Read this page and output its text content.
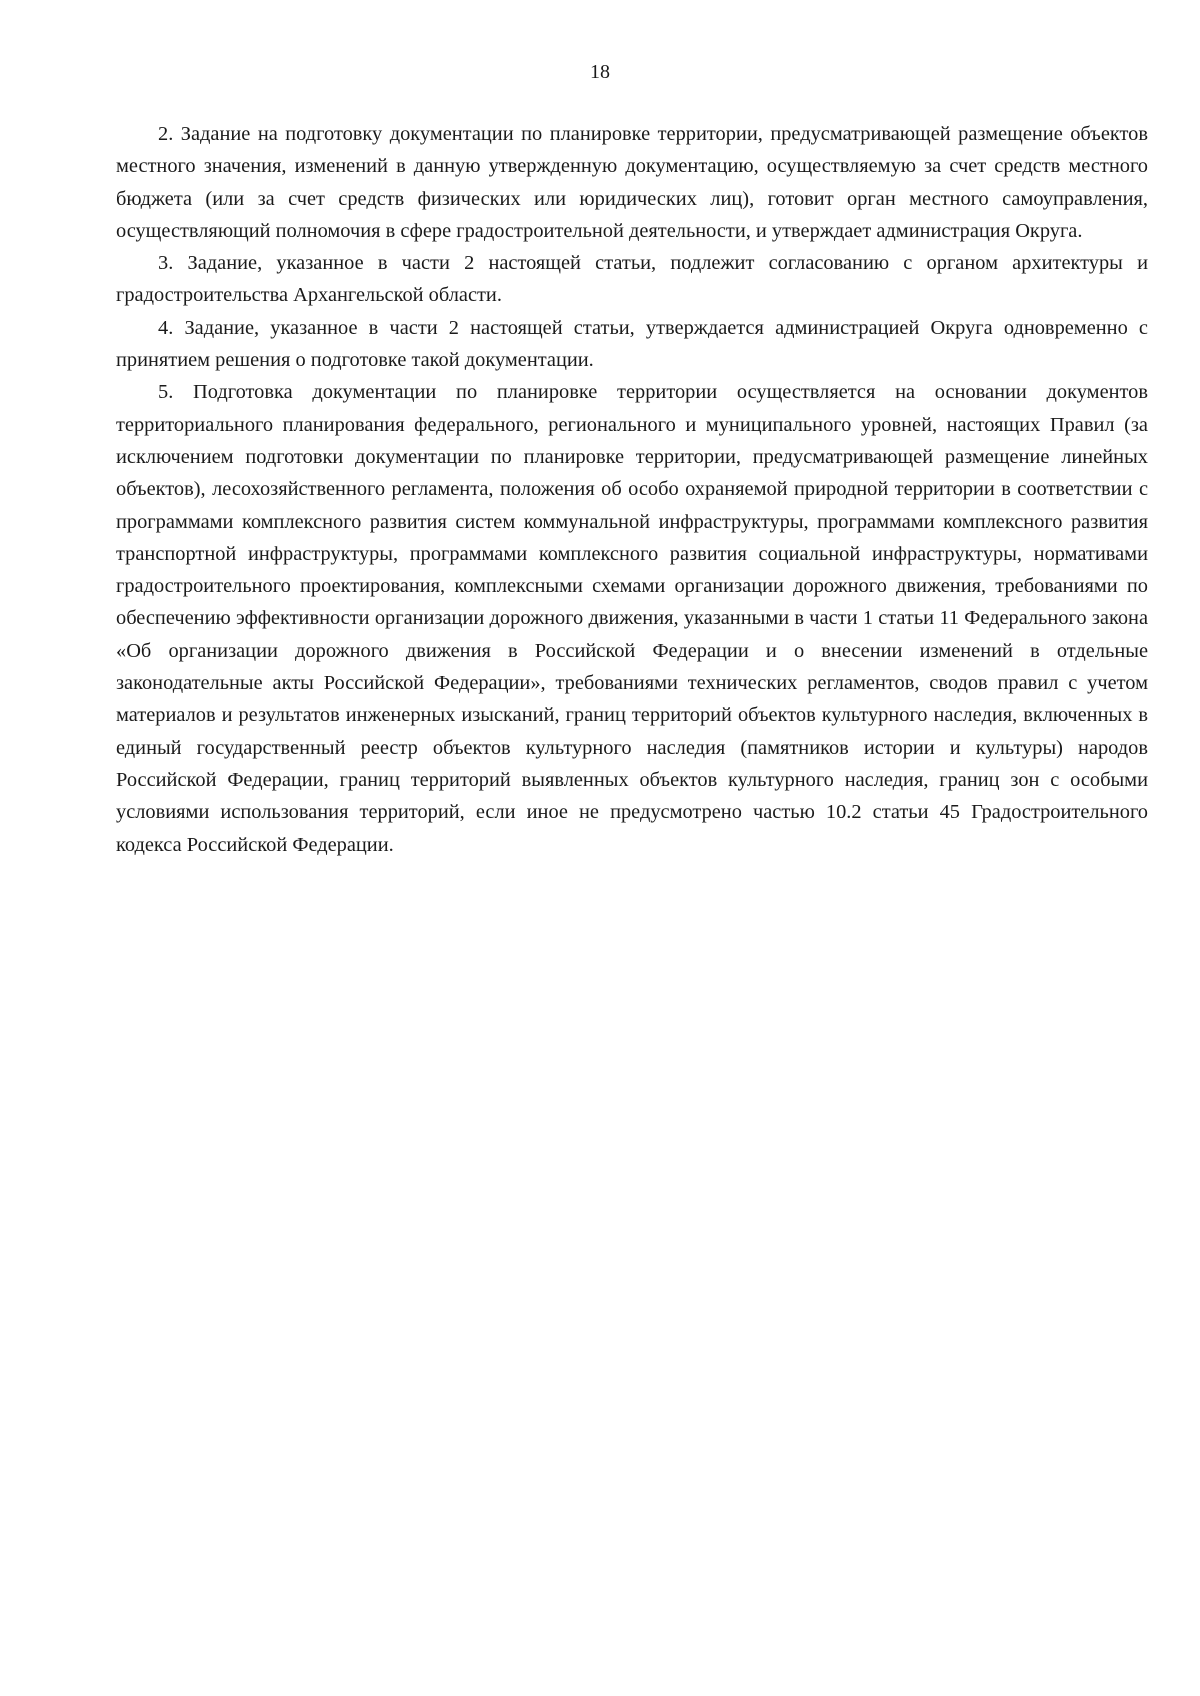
18

2. Задание на подготовку документации по планировке территории, предусматривающей размещение объектов местного значения, изменений в данную утвержденную документацию, осуществляемую за счет средств местного бюджета (или за счет средств физических или юридических лиц), готовит орган местного самоуправления, осуществляющий полномочия в сфере градостроительной деятельности, и утверждает администрация Округа.

3. Задание, указанное в части 2 настоящей статьи, подлежит согласованию с органом архитектуры и градостроительства Архангельской области.

4. Задание, указанное в части 2 настоящей статьи, утверждается администрацией Округа одновременно с принятием решения о подготовке такой документации.

5. Подготовка документации по планировке территории осуществляется на основании документов территориального планирования федерального, регионального и муниципального уровней, настоящих Правил (за исключением подготовки документации по планировке территории, предусматривающей размещение линейных объектов), лесохозяйственного регламента, положения об особо охраняемой природной территории в соответствии с программами комплексного развития систем коммунальной инфраструктуры, программами комплексного развития транспортной инфраструктуры, программами комплексного развития социальной инфраструктуры, нормативами градостроительного проектирования, комплексными схемами организации дорожного движения, требованиями по обеспечению эффективности организации дорожного движения, указанными в части 1 статьи 11 Федерального закона «Об организации дорожного движения в Российской Федерации и о внесении изменений в отдельные законодательные акты Российской Федерации», требованиями технических регламентов, сводов правил с учетом материалов и результатов инженерных изысканий, границ территорий объектов культурного наследия, включенных в единый государственный реестр объектов культурного наследия (памятников истории и культуры) народов Российской Федерации, границ территорий выявленных объектов культурного наследия, границ зон с особыми условиями использования территорий, если иное не предусмотрено частью 10.2 статьи 45 Градостроительного кодекса Российской Федерации.
